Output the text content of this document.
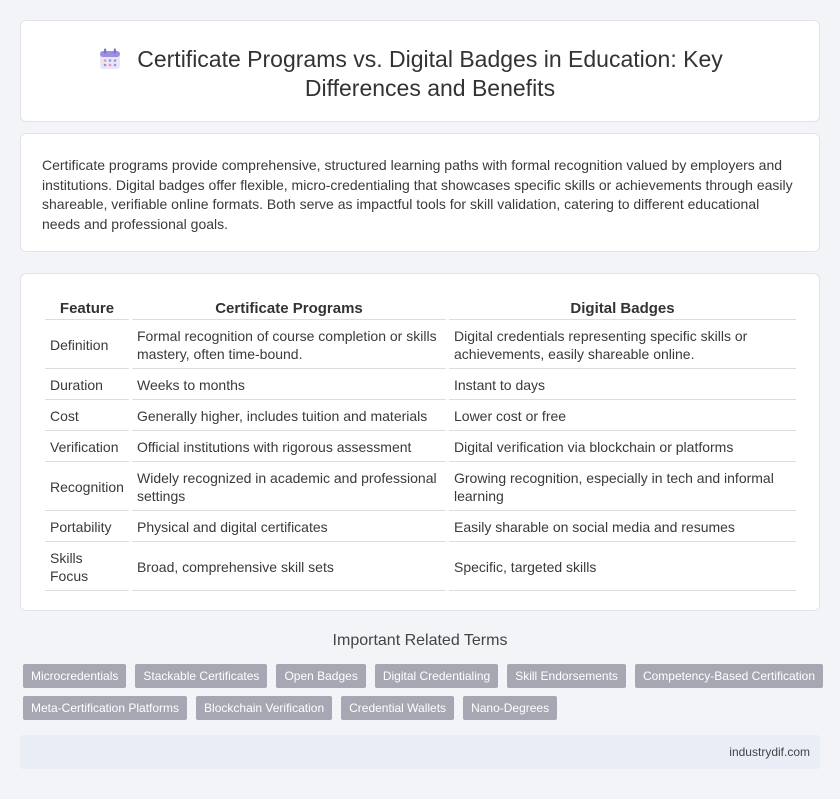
Certificate Programs vs. Digital Badges in Education: Key Differences and Benefits

Certificate programs provide comprehensive, structured learning paths with formal recognition valued by employers and institutions. Digital badges offer flexible, micro-credentialing that showcases specific skills or achievements through easily shareable, verifiable online formats. Both serve as impactful tools for skill validation, catering to different educational needs and professional goals.

Feature	Certificate Programs	Digital Badges
Definition	Formal recognition of course completion or skills mastery, often time-bound.	Digital credentials representing specific skills or achievements, easily shareable online.
Duration	Weeks to months	Instant to days
Cost	Generally higher, includes tuition and materials	Lower cost or free
Verification	Official institutions with rigorous assessment	Digital verification via blockchain or platforms
Recognition	Widely recognized in academic and professional settings	Growing recognition, especially in tech and informal learning
Portability	Physical and digital certificates	Easily sharable on social media and resumes
Skills Focus	Broad, comprehensive skill sets	Specific, targeted skills
Important Related Terms
Microcredentials	Stackable Certificates	Open Badges	Digital Credentialing	Skill Endorsements	Competency-Based Certification
Meta-Certification Platforms	Blockchain Verification	Credential Wallets	Nano-Degrees
industrydif.com
